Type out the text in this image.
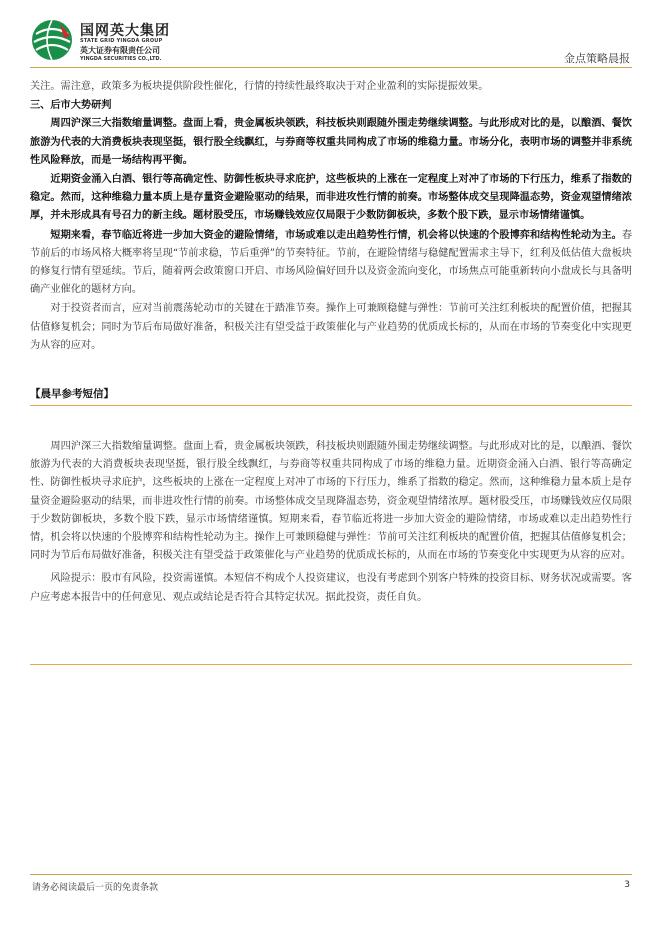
国网英大集团
STATE GRID YINGDA GROUP
英大证券有限责任公司
YINGDA SECURITIES CO.,LTD.	金点策略晨报

关注。需注意，政策多为板块提供阶段性催化，行情的持续性最终取决于对企业盈利的实际提振效果。

三、后市大势研判

周四沪深三大指数缩量调整。盘面上看，贵金属板块领跌，科技板块则跟随外围走势继续调整。与此形成对比的是，以酿酒、餐饮旅游为代表的大消费板块表现坚挺，银行股全线飘红，与券商等权重共同构成了市场的维稳力量。市场分化，表明市场的调整并非系统性风险释放，而是一场结构再平衡。

近期资金涌入白酒、银行等高确定性、防御性板块寻求庇护，这些板块的上涨在一定程度上对冲了市场的下行压力，维系了指数的稳定。然而，这种维稳力量本质上是存量资金避险驱动的结果，而非进攻性行情的前奏。市场整体成交呈现降温态势，资金观望情绪浓厚，并未形成具有号召力的新主线。题材股受压，市场赚钱效应仅局限于少数防御板块，多数个股下跌，显示市场情绪谨慎。

短期来看，春节临近将进一步加大资金的避险情绪，市场或难以走出趋势性行情，机会将以快速的个股博弈和结构性轮动为主。春节前后的市场风格大概率将呈现“节前求稳，节后重弹”的节奏特征。节前，在避险情绪与稳健配置需求主导下，红利及低估值大盘板块的修复行情有望延续。节后，随着两会政策窗口开启、市场风险偏好回升以及资金流向变化，市场焦点可能重新转向小盘成长与具备明确产业催化的题材方向。

对于投资者而言，应对当前震荡轮动市的关键在于踏准节奏。操作上可兼顾稳健与弹性：节前可关注红利板块的配置价值，把握其估值修复机会；同时为节后布局做好准备，积极关注有望受益于政策催化与产业趋势的优质成长标的，从而在市场的节奏变化中实现更为从容的应对。

【晨早参考短信】

周四沪深三大指数缩量调整。盘面上看，贵金属板块领跌，科技板块则跟随外围走势继续调整。与此形成对比的是，以酿酒、餐饮旅游为代表的大消费板块表现坚挺，银行股全线飘红，与券商等权重共同构成了市场的维稳力量。近期资金涌入白酒、银行等高确定性、防御性板块寻求庇护，这些板块的上涨在一定程度上对冲了市场的下行压力，维系了指数的稳定。然而，这种维稳力量本质上是存量资金避险驱动的结果，而非进攻性行情的前奏。市场整体成交呈现降温态势，资金观望情绪浓厚。题材股受压，市场赚钱效应仅局限于少数防御板块，多数个股下跌，显示市场情绪谨慎。短期来看，春节临近将进一步加大资金的避险情绪，市场或难以走出趋势性行情，机会将以快速的个股博弈和结构性轮动为主。操作上可兼顾稳健与弹性：节前可关注红利板块的配置价值，把握其估值修复机会；同时为节后布局做好准备，积极关注有望受益于政策催化与产业趋势的优质成长标的，从而在市场的节奏变化中实现更为从容的应对。

风险提示：股市有风险，投资需谨慎。本短信不构成个人投资建议，也没有考虑到个别客户特殊的投资目标、财务状况或需要。客户应考虑本报告中的任何意见、观点或结论是否符合其特定状况。据此投资，责任自负。

请务必阅读最后一页的免责条款	3
